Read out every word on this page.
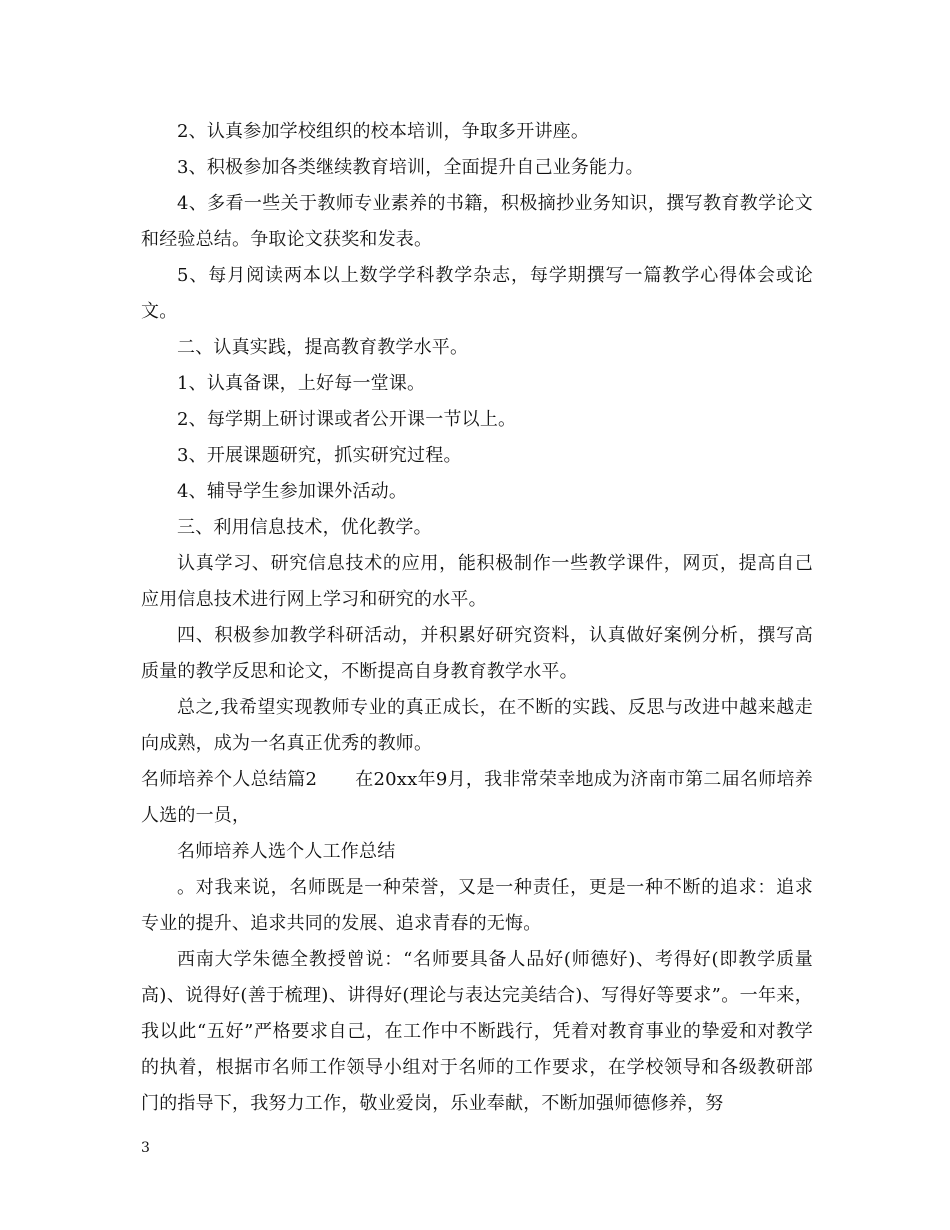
2、认真参加学校组织的校本培训，争取多开讲座。

3、积极参加各类继续教育培训，全面提升自己业务能力。

4、多看一些关于教师专业素养的书籍，积极摘抄业务知识，撰写教育教学论文和经验总结。争取论文获奖和发表。

5、每月阅读两本以上数学学科教学杂志，每学期撰写一篇教学心得体会或论文。

二、认真实践，提高教育教学水平。

1、认真备课，上好每一堂课。

2、每学期上研讨课或者公开课一节以上。

3、开展课题研究，抓实研究过程。

4、辅导学生参加课外活动。

三、利用信息技术，优化教学。

认真学习、研究信息技术的应用，能积极制作一些教学课件，网页，提高自己应用信息技术进行网上学习和研究的水平。

四、积极参加教学科研活动，并积累好研究资料，认真做好案例分析，撰写高质量的教学反思和论文，不断提高自身教育教学水平。

总之,我希望实现教师专业的真正成长，在不断的实践、反思与改进中越来越走向成熟，成为一名真正优秀的教师。

名师培养个人总结篇2 在20xx年9月，我非常荣幸地成为济南市第二届名师培养人选的一员，

名师培养人选个人工作总结

。对我来说，名师既是一种荣誉，又是一种责任，更是一种不断的追求：追求专业的提升、追求共同的发展、追求青春的无悔。

西南大学朱德全教授曾说：“名师要具备人品好(师德好)、考得好(即教学质量高)、说得好(善于梳理)、讲得好(理论与表达完美结合)、写得好等要求”。一年来，我以此“五好”严格要求自己，在工作中不断践行，凭着对教育事业的挚爱和对教学的执着，根据市名师工作领导小组对于名师的工作要求，在学校领导和各级教研部门的指导下，我努力工作，敬业爱岗，乐业奉献，不断加强师德修养，努

3
